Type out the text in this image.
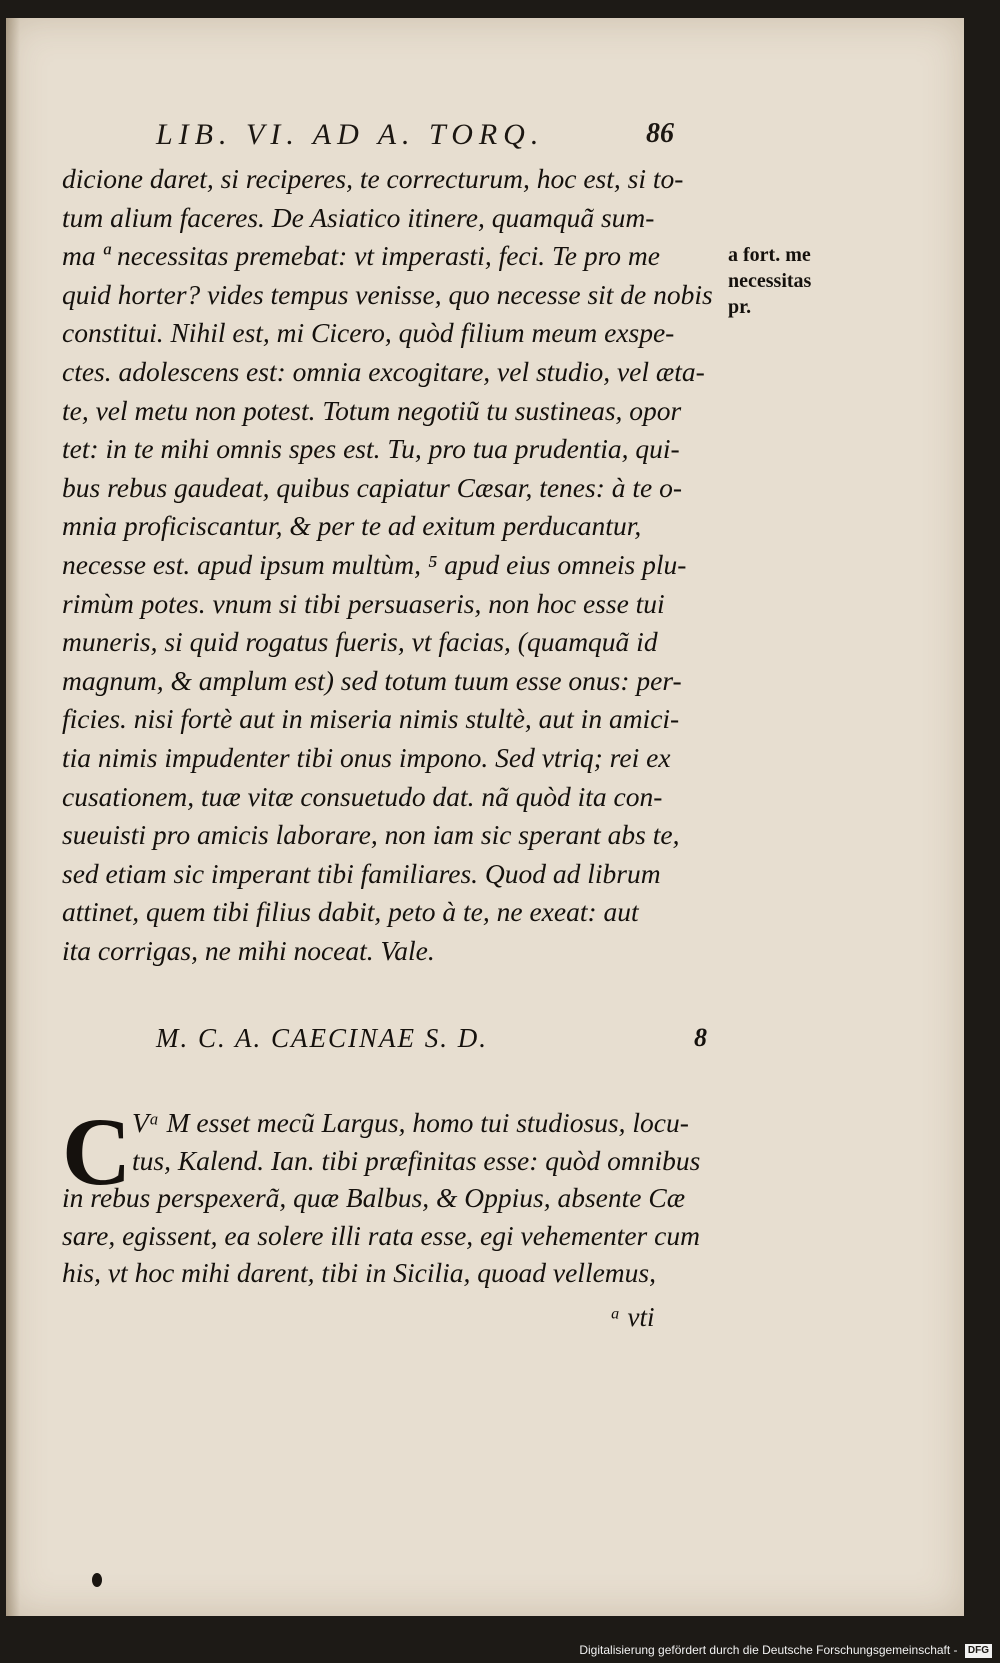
LIB. VI. AD A. TORQ.	86
dicione daret, si reciperes, te correcturum, hoc est, si to-
tum alium faceres. De Asiatico itinere, quamquã sum-
ma ª necessitas premebat: vt imperasti, feci. Te pro me
quid horter? vides tempus venisse, quo necesse sit de nobis
constitui. Nihil est, mi Cicero, quòd filium meum exspe-
ctes. adolescens est: omnia excogitare, vel studio, vel æta-
te, vel metu non potest. Totum negotiũ tu sustineas, opor
tet: in te mihi omnis spes est. Tu, pro tua prudentia, qui-
bus rebus gaudeat, quibus capiatur Cæsar, tenes: à te o-
mnia proficiscantur, & per te ad exitum perducantur,
necesse est. apud ipsum multùm, ⁵ apud eius omneis plu-
rimùm potes. vnum si tibi persuaseris, non hoc esse tui
muneris, si quid rogatus fueris, vt facias, (quamquã id
magnum, & amplum est) sed totum tuum esse onus: per-
ficies. nisi fortè aut in miseria nimis stultè, aut in amici-
tia nimis impudenter tibi onus impono. Sed vtriq; rei ex
cusationem, tuæ vitæ consuetudo dat. nã quòd ita con-
sueuisti pro amicis laborare, non iam sic sperant abs te,
sed etiam sic imperant tibi familiares. Quod ad librum
attinet, quem tibi filius dabit, peto à te, ne exeat: aut
ita corrigas, ne mihi noceat. Vale.
a fort. me
necessitas
pr.
M. C. A. CAECINAE S. D.	8
C Vᵃ M esset mecũ Largus, homo tui studiosus, locu-
tus, Kalend. Ian. tibi præfinitas esse: quòd omnibus
in rebus perspexerã, quæ Balbus, & Oppius, absente Cæ
sare, egissent, ea solere illi rata esse, egi vehementer cum
his, vt hoc mihi darent, tibi in Sicilia, quoad vellemus,
ᵃ vti
Digitalisierung gefördert durch die Deutsche Forschungsgemeinschaft - DFG
